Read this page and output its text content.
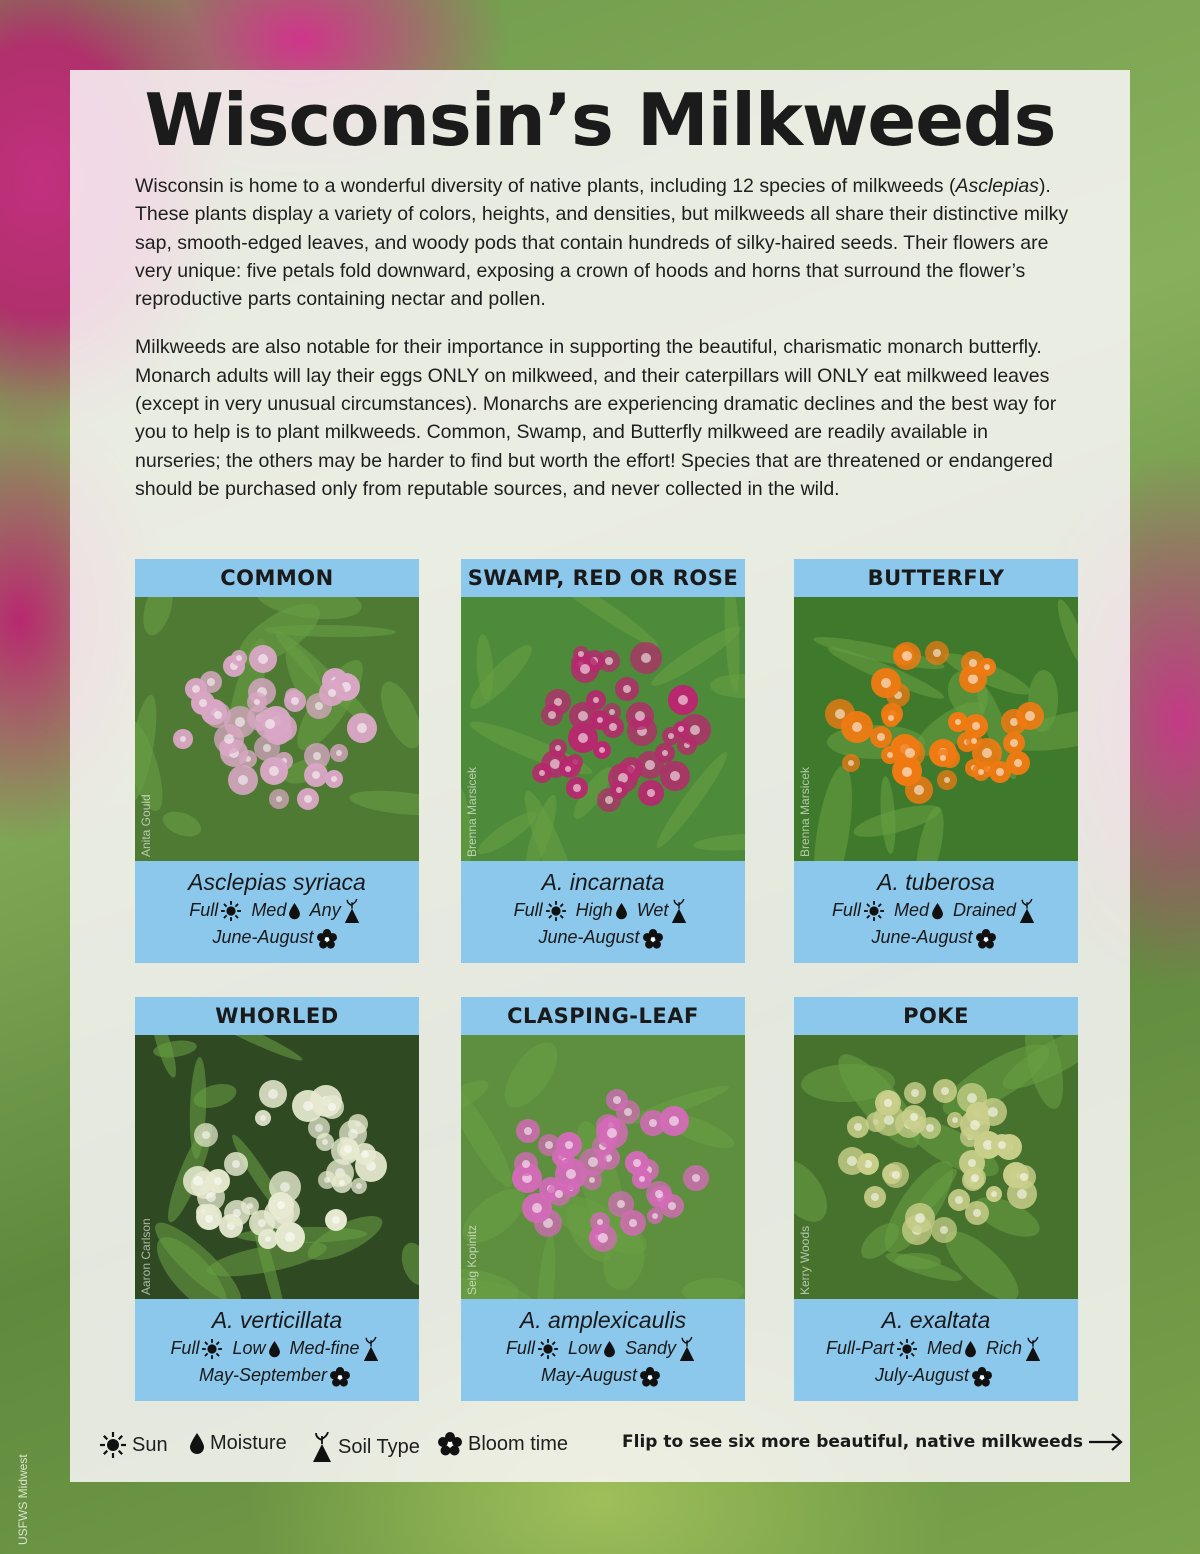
Wisconsin’s Milkweeds

Wisconsin is home to a wonderful diversity of native plants, including 12 species of milkweeds (Asclepias). These plants display a variety of colors, heights, and densities, but milkweeds all share their distinctive milky sap, smooth-edged leaves, and woody pods that contain hundreds of silky-haired seeds. Their flowers are very unique: five petals fold downward, exposing a crown of hoods and horns that surround the flower’s reproductive parts containing nectar and pollen.

Milkweeds are also notable for their importance in supporting the beautiful, charismatic monarch butterfly. Monarch adults will lay their eggs ONLY on milkweed, and their caterpillars will ONLY eat milkweed leaves (except in very unusual circumstances). Monarchs are experiencing dramatic declines and the best way for you to help is to plant milkweeds. Common, Swamp, and Butterfly milkweed are readily available in nurseries; the others may be harder to find but worth the effort! Species that are threatened or endangered should be purchased only from reputable sources, and never collected in the wild.

COMMON
Anita Gould
Asclepias syriaca
Full Med Any
June-August
SWAMP, RED OR ROSE
Brenna Marsicek
A. incarnata
Full High Wet
June-August
BUTTERFLY
Brenna Marsicek
A. tuberosa
Full Med Drained
June-August
WHORLED
Aaron Carlson
A. verticillata
Full Low Med-fine
May-September
CLASPING-LEAF
Seig Kopinitz
A. amplexicaulis
Full Low Sandy
May-August
POKE
Kerry Woods
A. exaltata
Full-Part Med Rich
July-August
Sun Moisture	Soil Type Bloom time	Flip to see six more beautiful, native milkweeds
USFWS Midwest
